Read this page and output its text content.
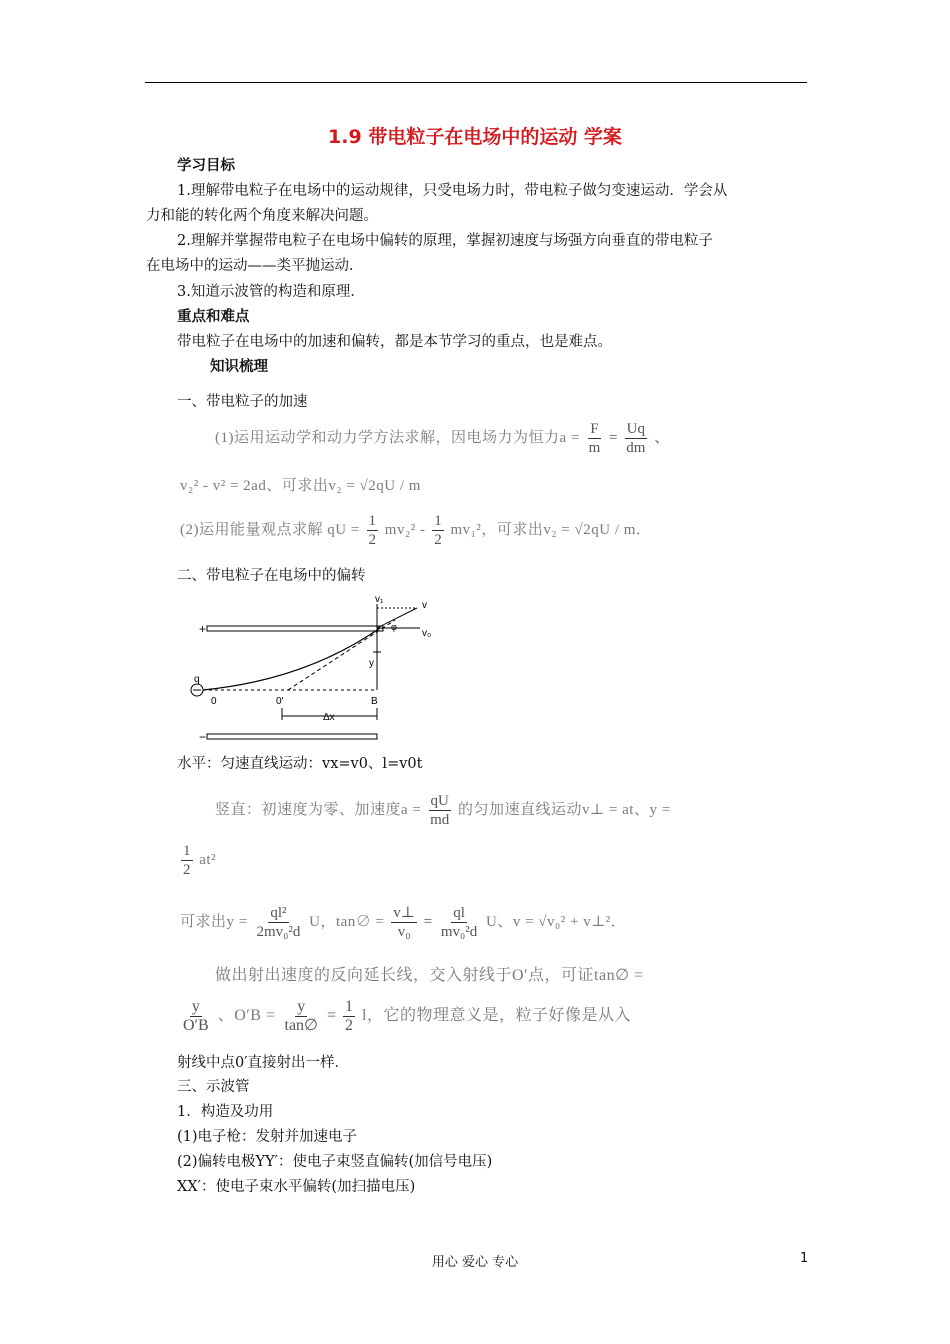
1.9 带电粒子在电场中的运动 学案
学习目标
1.理解带电粒子在电场中的运动规律，只受电场力时，带电粒子做匀变速运动．学会从
力和能的转化两个角度来解决问题。
2.理解并掌握带电粒子在电场中偏转的原理，掌握初速度与场强方向垂直的带电粒子
在电场中的运动——类平抛运动．
3.知道示波管的构造和原理．
重点和难点
带电粒子在电场中的加速和偏转，都是本节学习的重点，也是难点。
知识梳理
一、带电粒子的加速
(1)运用运动学和动力学方法求解，因电场力为恒力$a = \frac{F}{m} = \frac{Uq}{dm}$ 、
v₂² - v² = 2ad、可求出v₂ = √2qU / m
(2)运用能量观点求解 qU = $\frac{1}{2} mv_2^2 - \frac{1}{2} mv_1^2$，可求出v₂ = √2qU / m．
二、带电粒子在电场中的偏转
+
−
q
v₁
v
v₀
φ
y
0	0′	B
Δx
水平：匀速直线运动：vx=v0、l=v0t
竖直：初速度为零、加速度$a = \frac{qU}{md}$ 的匀加速直线运动v⊥ = at、y =
$\frac{1}{2} at^2$
可求出$y = \frac{\text{ql²}}{\text{2mv₀²d}}$ U，tan∅ = $\frac{v\perp}{\text{v₀}} = \frac{ql}{\text{mv₀²d}}$ U、v = √v₀² + v⊥²．
做出射出速度的反向延长线，交入射线于O′点，可证tan∅ =
$\frac{y}{O'B}$ 、$O'B = \frac{y}{\tan\emptyset} = \frac{1}{2}$ l，它的物理意义是，粒子好像是从入
射线中点0′直接射出一样．
三、示波管
1．构造及功用
(1)电子枪：发射并加速电子
(2)偏转电极YY′：使电子束竖直偏转(加信号电压)
XX′：使电子束水平偏转(加扫描电压)
用心 爱心 专心	1
